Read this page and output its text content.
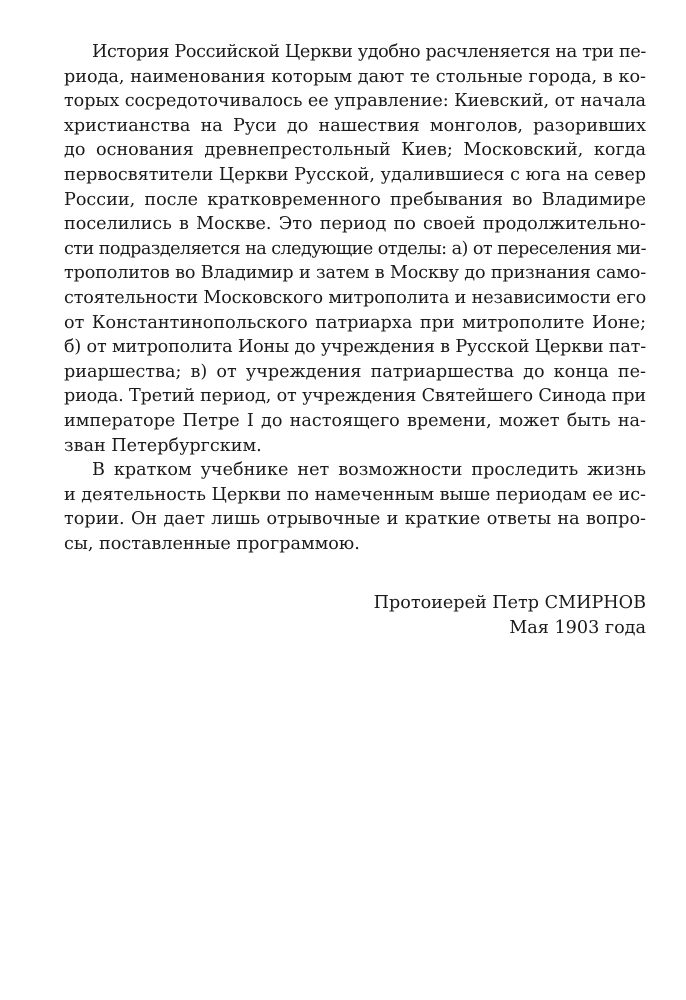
История Российской Церкви удобно расчленяется на три пе-
риода, наименования которым дают те стольные города, в ко-
торых сосредоточивалось ее управление: Киевский, от начала
христианства на Руси до нашествия монголов, разоривших
до основания древнепрестольный Киев; Московский, когда
первосвятители Церкви Русской, удалившиеся с юга на север
России, после кратковременного пребывания во Владимире
поселились в Москве. Это период по своей продолжительно-
сти подразделяется на следующие отделы: а) от переселения ми-
трополитов во Владимир и затем в Москву до признания само-
стоятельности Московского митрополита и независимости его
от Константинопольского патриарха при митрополите Ионе;
б) от митрополита Ионы до учреждения в Русской Церкви пат-
риаршества; в) от учреждения патриаршества до конца пе-
риода. Третий период, от учреждения Святейшего Синода при
императоре Петре I до настоящего времени, может быть на-
зван Петербургским.
В кратком учебнике нет возможности проследить жизнь
и деятельность Церкви по намеченным выше периодам ее ис-
тории. Он дает лишь отрывочные и краткие ответы на вопро-
сы, поставленные программою.
Протоиерей Петр СМИРНОВ
Мая 1903 года
